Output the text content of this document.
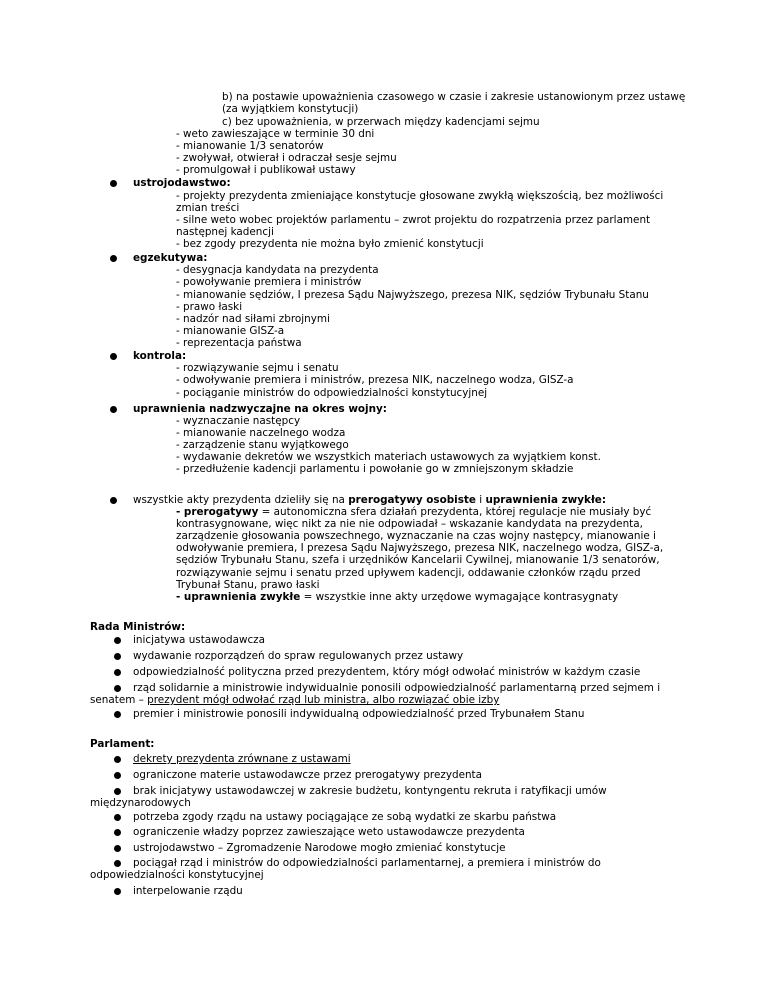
b) na postawie upoważnienia czasowego w czasie i zakresie ustanowionym przez ustawę
(za wyjątkiem konstytucji)
c) bez upoważnienia, w przerwach między kadencjami sejmu
- weto zawieszające w terminie 30 dni
- mianowanie 1/3 senatorów
- zwoływał, otwierał i odraczał sesje sejmu
- promulgował i publikował ustawy
ustrojodawstwo:
- projekty prezydenta zmieniające konstytucje głosowane zwykłą większością, bez możliwości
zmian treści
- silne weto wobec projektów parlamentu – zwrot projektu do rozpatrzenia przez parlament
następnej kadencji
- bez zgody prezydenta nie można było zmienić konstytucji
egzekutywa:
- desygnacja kandydata na prezydenta
- powoływanie premiera i ministrów
- mianowanie sędziów, I prezesa Sądu Najwyższego, prezesa NIK, sędziów Trybunału Stanu
- prawo łaski
- nadzór nad siłami zbrojnymi
- mianowanie GISZ-a
- reprezentacja państwa
kontrola:
- rozwiązywanie sejmu i senatu
- odwoływanie premiera i ministrów, prezesa NIK, naczelnego wodza, GISZ-a
- pociąganie ministrów do odpowiedzialności konstytucyjnej
uprawnienia nadzwyczajne na okres wojny:
- wyznaczanie następcy
- mianowanie naczelnego wodza
- zarządzenie stanu wyjątkowego
- wydawanie dekretów we wszystkich materiach ustawowych za wyjątkiem konst.
- przedłużenie kadencji parlamentu i powołanie go w zmniejszonym składzie
wszystkie akty prezydenta dzieliły się na prerogatywy osobiste i uprawnienia zwykłe:
- prerogatywy = autonomiczna sfera działań prezydenta, której regulacje nie musiały być
kontrasygnowane, więc nikt za nie nie odpowiadał – wskazanie kandydata na prezydenta,
zarządzenie głosowania powszechnego, wyznaczanie na czas wojny następcy, mianowanie i
odwoływanie premiera, I prezesa Sądu Najwyższego, prezesa NIK, naczelnego wodza, GISZ-a,
sędziów Trybunału Stanu, szefa i urzędników Kancelarii Cywilnej, mianowanie 1/3 senatorów,
rozwiązywanie sejmu i senatu przed upływem kadencji, oddawanie członków rządu przed
Trybunał Stanu, prawo łaski
- uprawnienia zwykłe = wszystkie inne akty urzędowe wymagające kontrasygnaty
Rada Ministrów:
inicjatywa ustawodawcza
wydawanie rozporządzeń do spraw regulowanych przez ustawy
odpowiedzialność polityczna przed prezydentem, który mógł odwołać ministrów w każdym czasie
rząd solidarnie a ministrowie indywidualnie ponosili odpowiedzialność parlamentarną przed sejmem i
senatem – prezydent mógł odwołać rząd lub ministra, albo rozwiązać obie izby
premier i ministrowie ponosili indywidualną odpowiedzialność przed Trybunałem Stanu
Parlament:
dekrety prezydenta zrównane z ustawami
ograniczone materie ustawodawcze przez prerogatywy prezydenta
brak inicjatywy ustawodawczej w zakresie budżetu, kontyngentu rekruta i ratyfikacji umów
międzynarodowych
potrzeba zgody rządu na ustawy pociągające ze sobą wydatki ze skarbu państwa
ograniczenie władzy poprzez zawieszające weto ustawodawcze prezydenta
ustrojodawstwo – Zgromadzenie Narodowe mogło zmieniać konstytucje
pociągał rząd i ministrów do odpowiedzialności parlamentarnej, a premiera i ministrów do
odpowiedzialności konstytucyjnej
interpelowanie rządu
